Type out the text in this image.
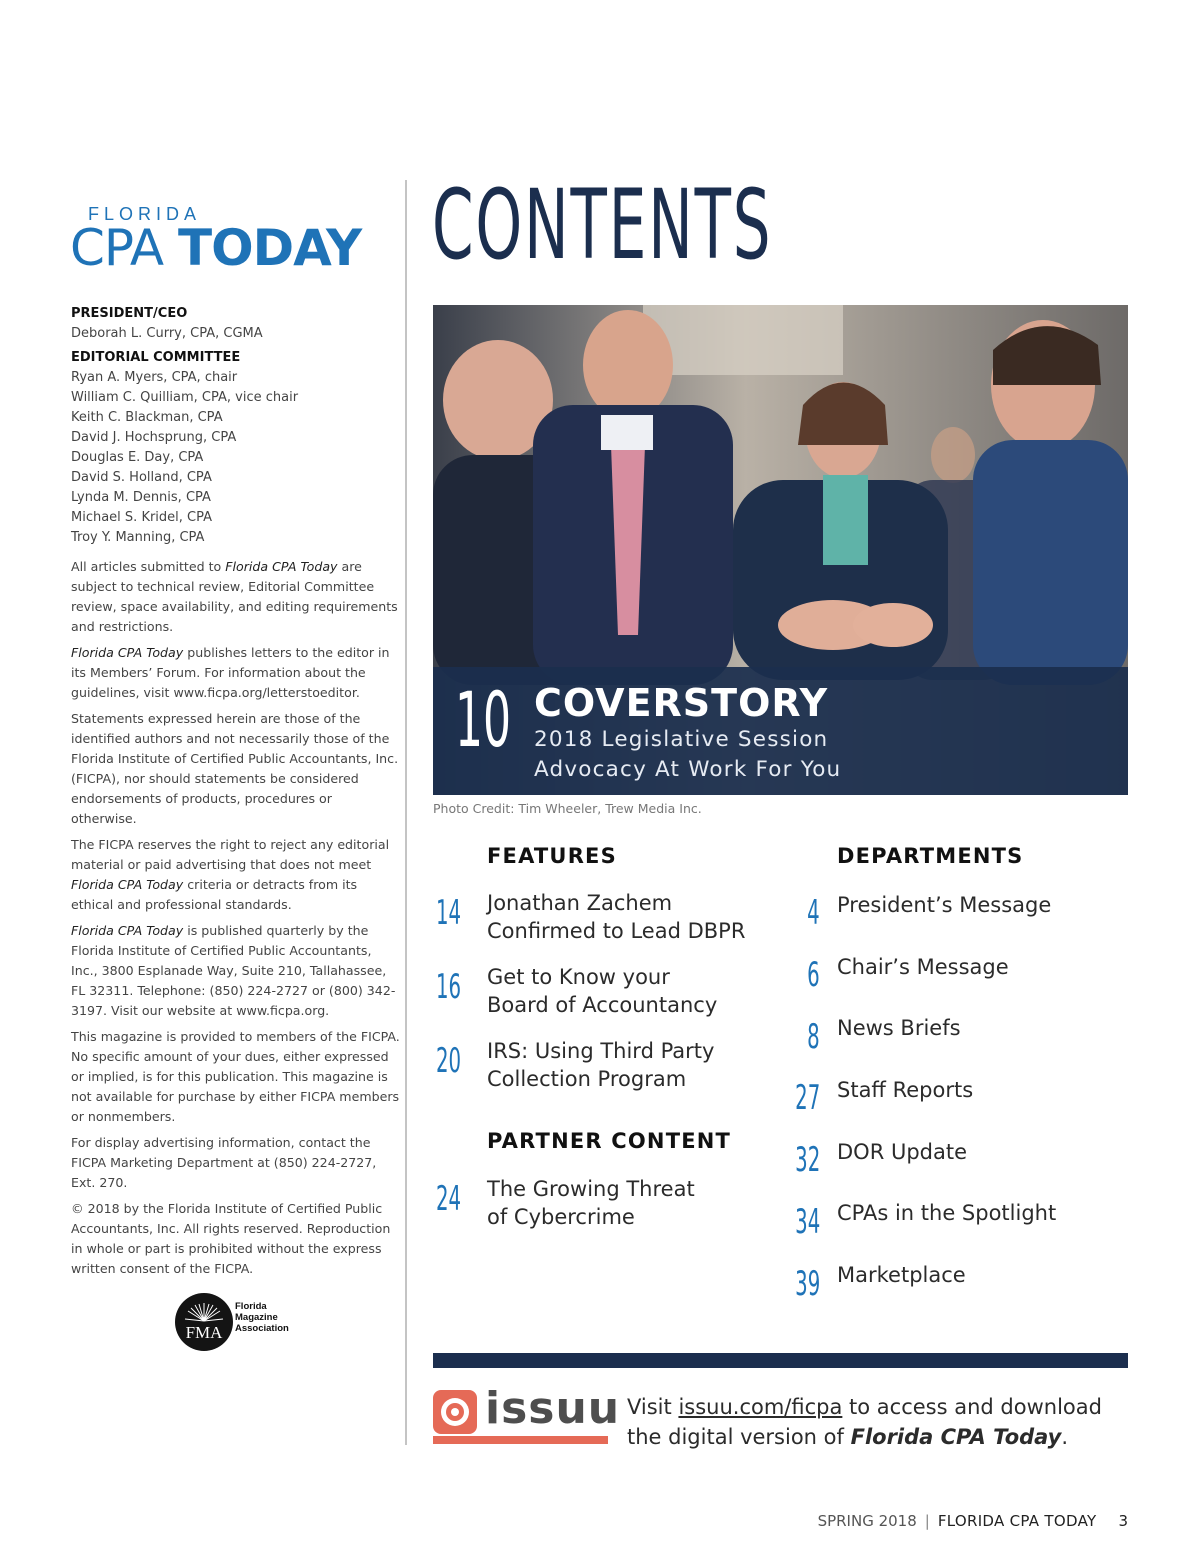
FLORIDA
CPA TODAY
PRESIDENT/CEO
Deborah L. Curry, CPA, CGMA
EDITORIAL COMMITTEE
Ryan A. Myers, CPA, chair
William C. Quilliam, CPA, vice chair
Keith C. Blackman, CPA
David J. Hochsprung, CPA
Douglas E. Day, CPA
David S. Holland, CPA
Lynda M. Dennis, CPA
Michael S. Kridel, CPA
Troy Y. Manning, CPA

All articles submitted to Florida CPA Today are subject to technical review, Editorial Committee review, space availability, and editing requirements and restrictions.

Florida CPA Today publishes letters to the editor in its Members’ Forum. For information about the guidelines, visit www.ficpa.org/letterstoeditor.

Statements expressed herein are those of the identified authors and not necessarily those of the Florida Institute of Certified Public Accountants, Inc. (FICPA), nor should statements be considered endorsements of products, procedures or otherwise.

The FICPA reserves the right to reject any editorial material or paid advertising that does not meet Florida CPA Today criteria or detracts from its ethical and professional standards.

Florida CPA Today is published quarterly by the Florida Institute of Certified Public Accountants, Inc., 3800 Esplanade Way, Suite 210, Tallahassee, FL 32311. Telephone: (850) 224-2727 or (800) 342-3197. Visit our website at www.ficpa.org.

This magazine is provided to members of the FICPA. No specific amount of your dues, either expressed or implied, is for this publication. This magazine is not available for purchase by either FICPA members or nonmembers.

For display advertising information, contact the FICPA Marketing Department at (850) 224-2727, Ext. 270.

© 2018 by the Florida Institute of Certified Public Accountants, Inc. All rights reserved. Reproduction in whole or part is prohibited without the express written consent of the FICPA.

FMA
Florida
Magazine
Association
CONTENTS
10 COVERSTORY
2018 Legislative Session
Advocacy At Work For You
Photo Credit: Tim Wheeler, Trew Media Inc.
FEATURES
14 Jonathan Zachem
Confirmed to Lead DBPR
16 Get to Know your
Board of Accountancy
20 IRS: Using Third Party
Collection Program
PARTNER CONTENT
24 The Growing Threat
of Cybercrime
DEPARTMENTS
4 President’s Message
6 Chair’s Message
8 News Briefs
27 Staff Reports
32 DOR Update
34 CPAs in the Spotlight
39 Marketplace
issuu Visit issuu.com/ficpa to access and download
the digital version of Florida CPA Today.
SPRING 2018 | FLORIDA CPA TODAY 3
